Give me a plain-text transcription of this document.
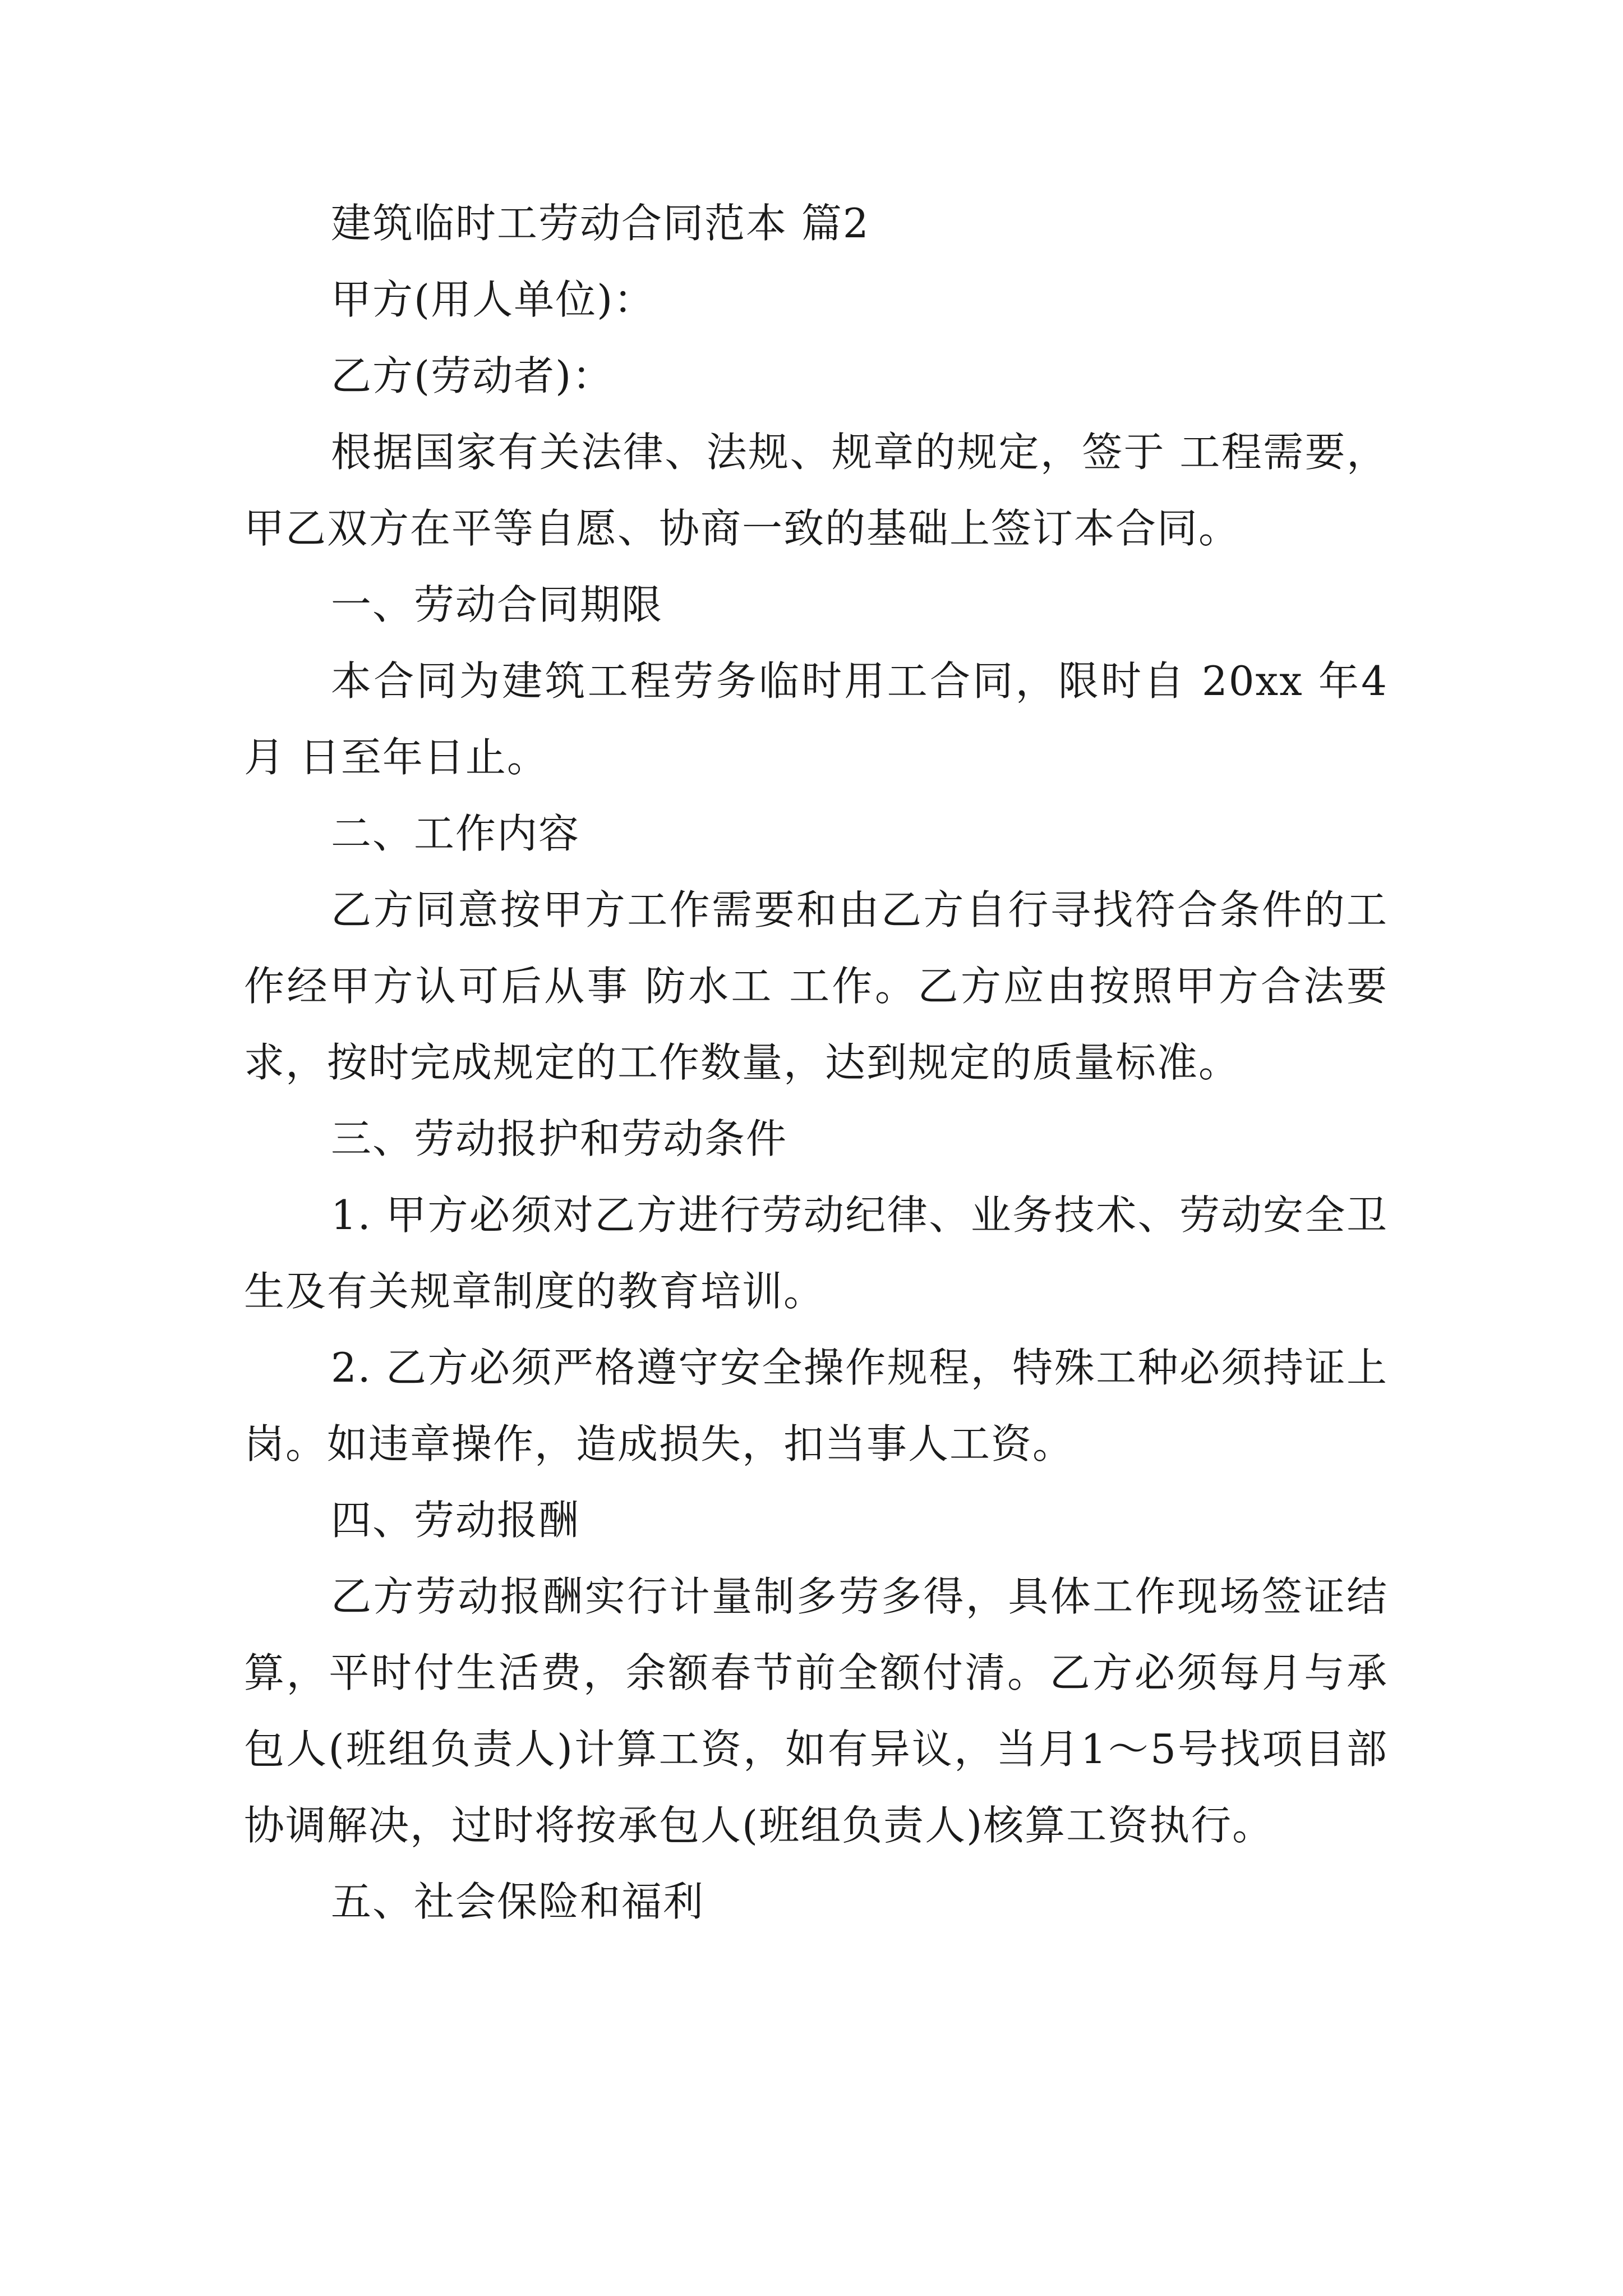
建筑临时工劳动合同范本 篇2

甲方(用人单位)：

乙方(劳动者)：

根据国家有关法律、法规、规章的规定，签于 工程需要，甲乙双方在平等自愿、协商一致的基础上签订本合同。

一、劳动合同期限

本合同为建筑工程劳务临时用工合同，限时自 20xx 年4月 日至年日止。

二、工作内容

乙方同意按甲方工作需要和由乙方自行寻找符合条件的工作经甲方认可后从事 防水工 工作。乙方应由按照甲方合法要求，按时完成规定的工作数量，达到规定的质量标准。

三、劳动报护和劳动条件

1. 甲方必须对乙方进行劳动纪律、业务技术、劳动安全卫生及有关规章制度的教育培训。

2. 乙方必须严格遵守安全操作规程，特殊工种必须持证上岗。如违章操作，造成损失，扣当事人工资。

四、劳动报酬

乙方劳动报酬实行计量制多劳多得，具体工作现场签证结算，平时付生活费，余额春节前全额付清。乙方必须每月与承包人(班组负责人)计算工资，如有异议，当月1～5号找项目部协调解决，过时将按承包人(班组负责人)核算工资执行。

五、社会保险和福利
